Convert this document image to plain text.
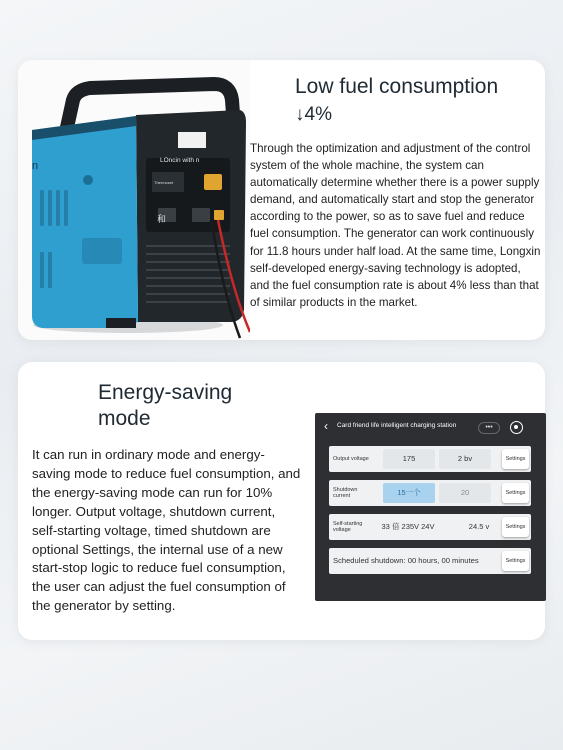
Thermoset
LOncin with n
和
n
Low fuel consumption
↓4%

Through the optimization and adjustment of the control system of the whole machine, the system can automatically determine whether there is a power supply demand, and automatically start and stop the generator according to the power, so as to save fuel and reduce fuel consumption. The generator can work continuously for 11.8 hours under half load. At the same time, Longxin self-developed energy-saving technology is adopted, and the fuel consumption rate is about 4% less than that of similar products in the market.

Energy-saving mode

It can run in ordinary mode and energy-saving mode to reduce fuel consumption, and the energy-saving mode can run for 10% longer. Output voltage, shutdown current, self-starting voltage, timed shutdown are optional Settings, the internal use of a new start-stop logic to reduce fuel consumption, the user can adjust the fuel consumption of the generator by setting.

‹ Card friend life intelligent charging station	•••
Output voltage	175	2 bv	Settings
Shutdown current	15一个	20	Settings
Self-starting voltage	33 倍 235V 24V	24.5 v	Settings
Scheduled shutdown: 00 hours, 00 minutes	Settings
